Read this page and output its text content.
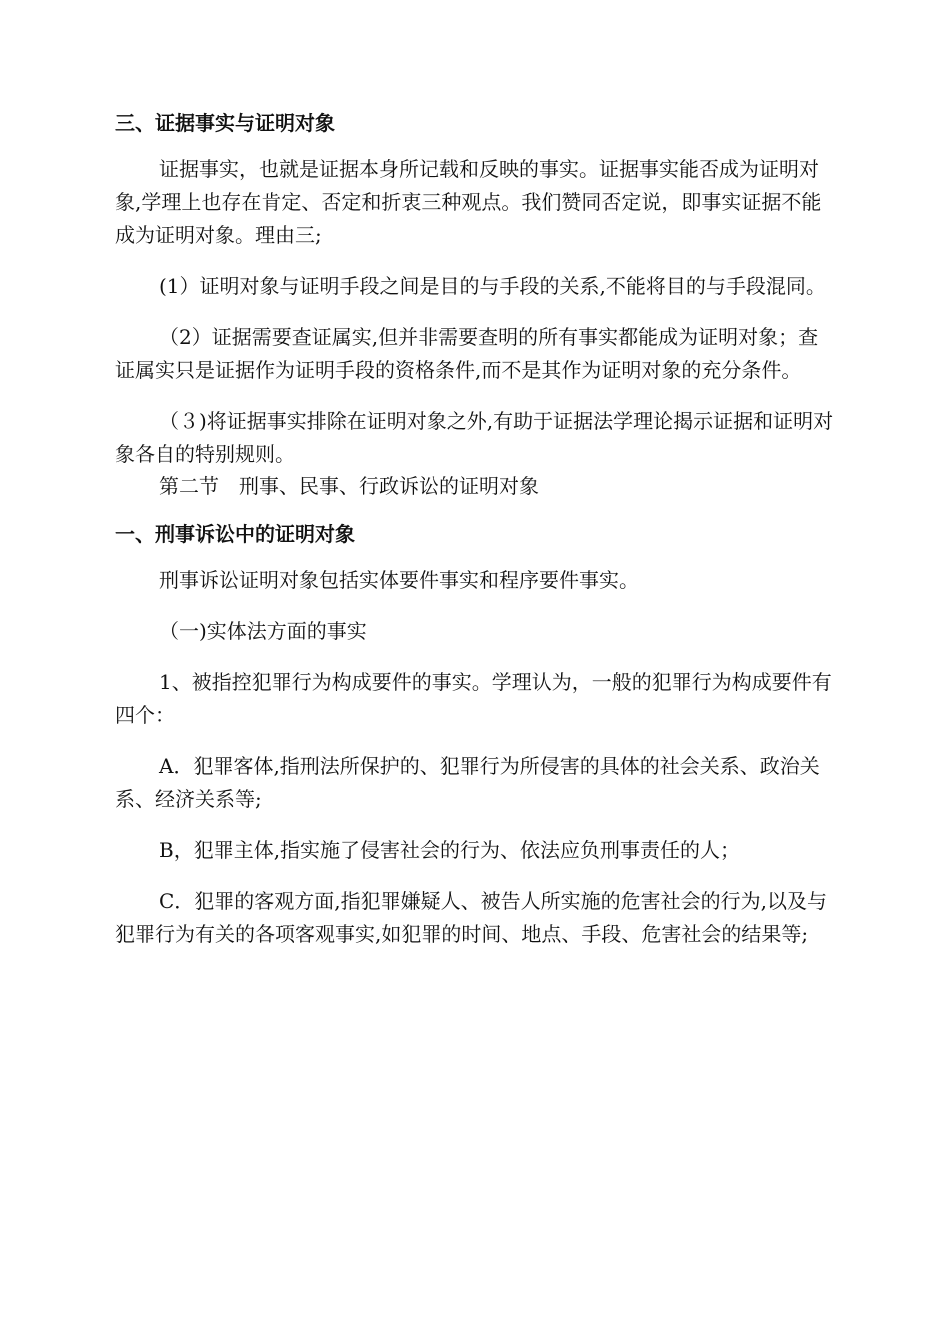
三、证据事实与证明对象

证据事实，也就是证据本身所记载和反映的事实。证据事实能否成为证明对象,学理上也存在肯定、否定和折衷三种观点。我们赞同否定说，即事实证据不能成为证明对象。理由三;

(1）证明对象与证明手段之间是目的与手段的关系,不能将目的与手段混同。

（2）证据需要查证属实,但并非需要查明的所有事实都能成为证明对象；查证属实只是证据作为证明手段的资格条件,而不是其作为证明对象的充分条件。

（３)将证据事实排除在证明对象之外,有助于证据法学理论揭示证据和证明对象各自的特别规则。

第二节　刑事、民事、行政诉讼的证明对象

一、刑事诉讼中的证明对象

刑事诉讼证明对象包括实体要件事实和程序要件事实。

（一)实体法方面的事实

1、被指控犯罪行为构成要件的事实。学理认为，一般的犯罪行为构成要件有四个：

A．犯罪客体,指刑法所保护的、犯罪行为所侵害的具体的社会关系、政治关系、经济关系等;

B，犯罪主体,指实施了侵害社会的行为、依法应负刑事责任的人；

C．犯罪的客观方面,指犯罪嫌疑人、被告人所实施的危害社会的行为,以及与犯罪行为有关的各项客观事实,如犯罪的时间、地点、手段、危害社会的结果等;
